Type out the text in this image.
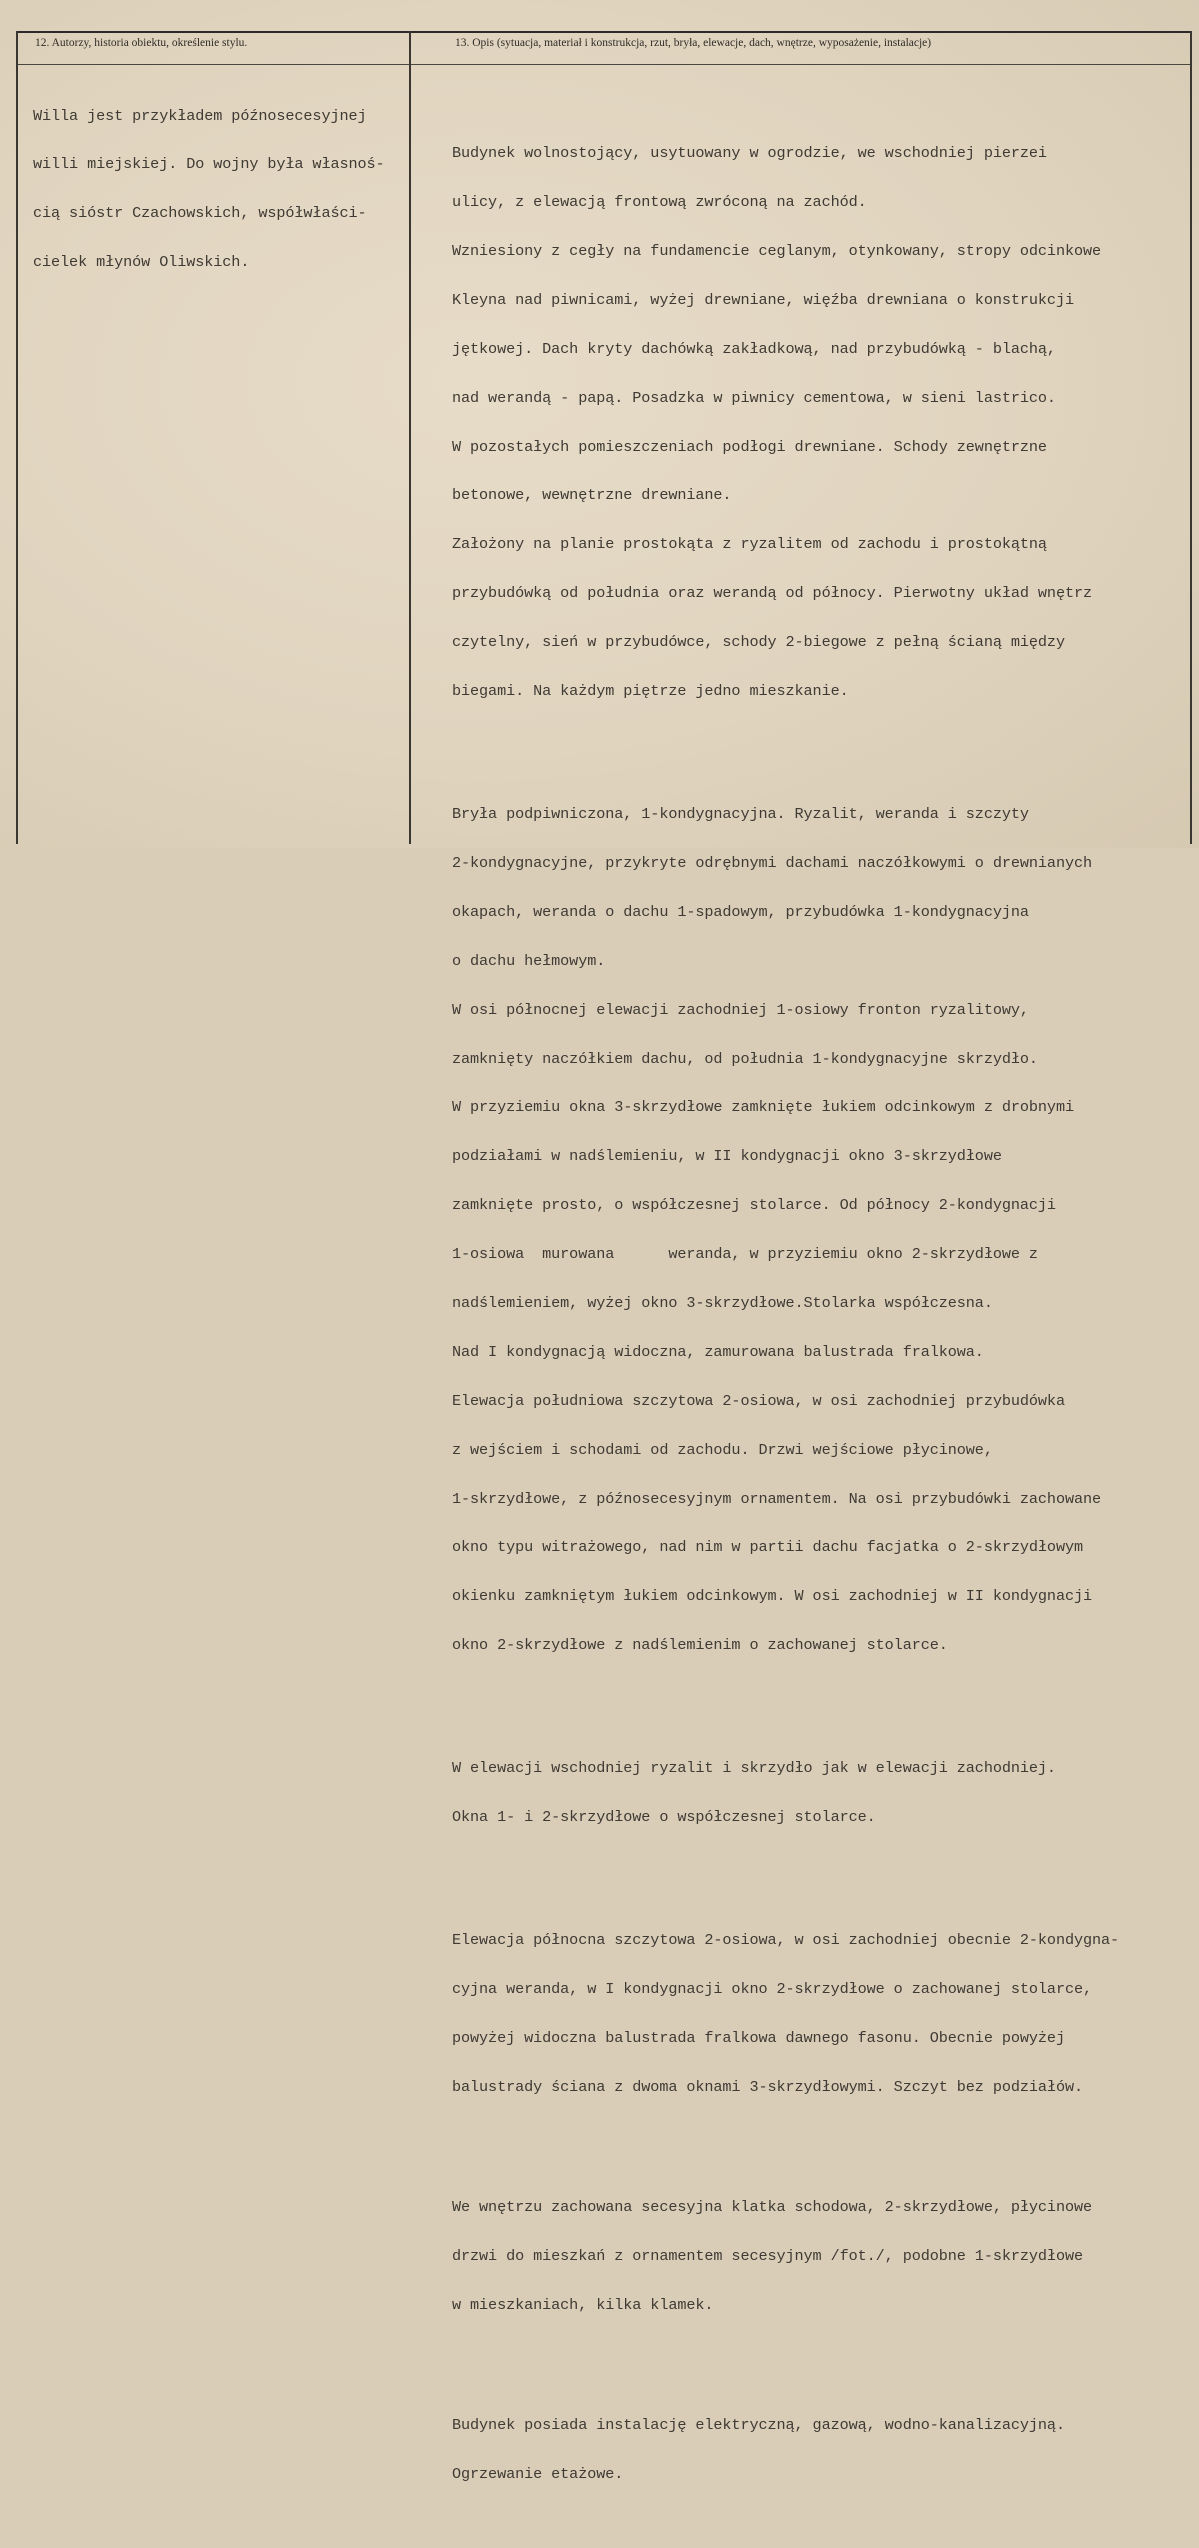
12. Autorzy, historia obiektu, określenie stylu.	13. Opis (sytuacja, materiał i konstrukcja, rzut, bryła, elewacje, dach, wnętrze, wyposażenie, instalacje)

Willa jest przykładem późnosecesyjnej

willi miejskiej. Do wojny była własnoś-

cią sióstr Czachowskich, współwłaści-

cielek młynów Oliwskich.

Budynek wolnostojący, usytuowany w ogrodzie, we wschodniej pierzei

ulicy, z elewacją frontową zwróconą na zachód.

Wzniesiony z cegły na fundamencie ceglanym, otynkowany, stropy odcinkowe

Kleyna nad piwnicami, wyżej drewniane, więźba drewniana o konstrukcji

jętkowej. Dach kryty dachówką zakładkową, nad przybudówką - blachą,

nad werandą - papą. Posadzka w piwnicy cementowa, w sieni lastrico.

W pozostałych pomieszczeniach podłogi drewniane. Schody zewnętrzne

betonowe, wewnętrzne drewniane.

Założony na planie prostokąta z ryzalitem od zachodu i prostokątną

przybudówką od południa oraz werandą od północy. Pierwotny układ wnętrz

czytelny, sień w przybudówce, schody 2-biegowe z pełną ścianą między

biegami. Na każdym piętrze jedno mieszkanie.

Bryła podpiwniczona, 1-kondygnacyjna. Ryzalit, weranda i szczyty

2-kondygnacyjne, przykryte odrębnymi dachami naczółkowymi o drewnianych

okapach, weranda o dachu 1-spadowym, przybudówka 1-kondygnacyjna

o dachu hełmowym.

W osi północnej elewacji zachodniej 1-osiowy fronton ryzalitowy,

zamknięty naczółkiem dachu, od południa 1-kondygnacyjne skrzydło.

W przyziemiu okna 3-skrzydłowe zamknięte łukiem odcinkowym z drobnymi

podziałami w nadślemieniu, w II kondygnacji okno 3-skrzydłowe

zamknięte prosto, o współczesnej stolarce. Od północy 2-kondygnacji

1-osiowa  murowana      weranda, w przyziemiu okno 2-skrzydłowe z

nadślemieniem, wyżej okno 3-skrzydłowe.Stolarka współczesna.

Nad I kondygnacją widoczna, zamurowana balustrada fralkowa.

Elewacja południowa szczytowa 2-osiowa, w osi zachodniej przybudówka

z wejściem i schodami od zachodu. Drzwi wejściowe płycinowe,

1-skrzydłowe, z późnosecesyjnym ornamentem. Na osi przybudówki zachowane

okno typu witrażowego, nad nim w partii dachu facjatka o 2-skrzydłowym

okienku zamkniętym łukiem odcinkowym. W osi zachodniej w II kondygnacji

okno 2-skrzydłowe z nadślemienim o zachowanej stolarce.

W elewacji wschodniej ryzalit i skrzydło jak w elewacji zachodniej.

Okna 1- i 2-skrzydłowe o współczesnej stolarce.

Elewacja północna szczytowa 2-osiowa, w osi zachodniej obecnie 2-kondygna-

cyjna weranda, w I kondygnacji okno 2-skrzydłowe o zachowanej stolarce,

powyżej widoczna balustrada fralkowa dawnego fasonu. Obecnie powyżej

balustrady ściana z dwoma oknami 3-skrzydłowymi. Szczyt bez podziałów.

We wnętrzu zachowana secesyjna klatka schodowa, 2-skrzydłowe, płycinowe

drzwi do mieszkań z ornamentem secesyjnym /fot./, podobne 1-skrzydłowe

w mieszkaniach, kilka klamek.

Budynek posiada instalację elektryczną, gazową, wodno-kanalizacyjną.

Ogrzewanie etażowe.
